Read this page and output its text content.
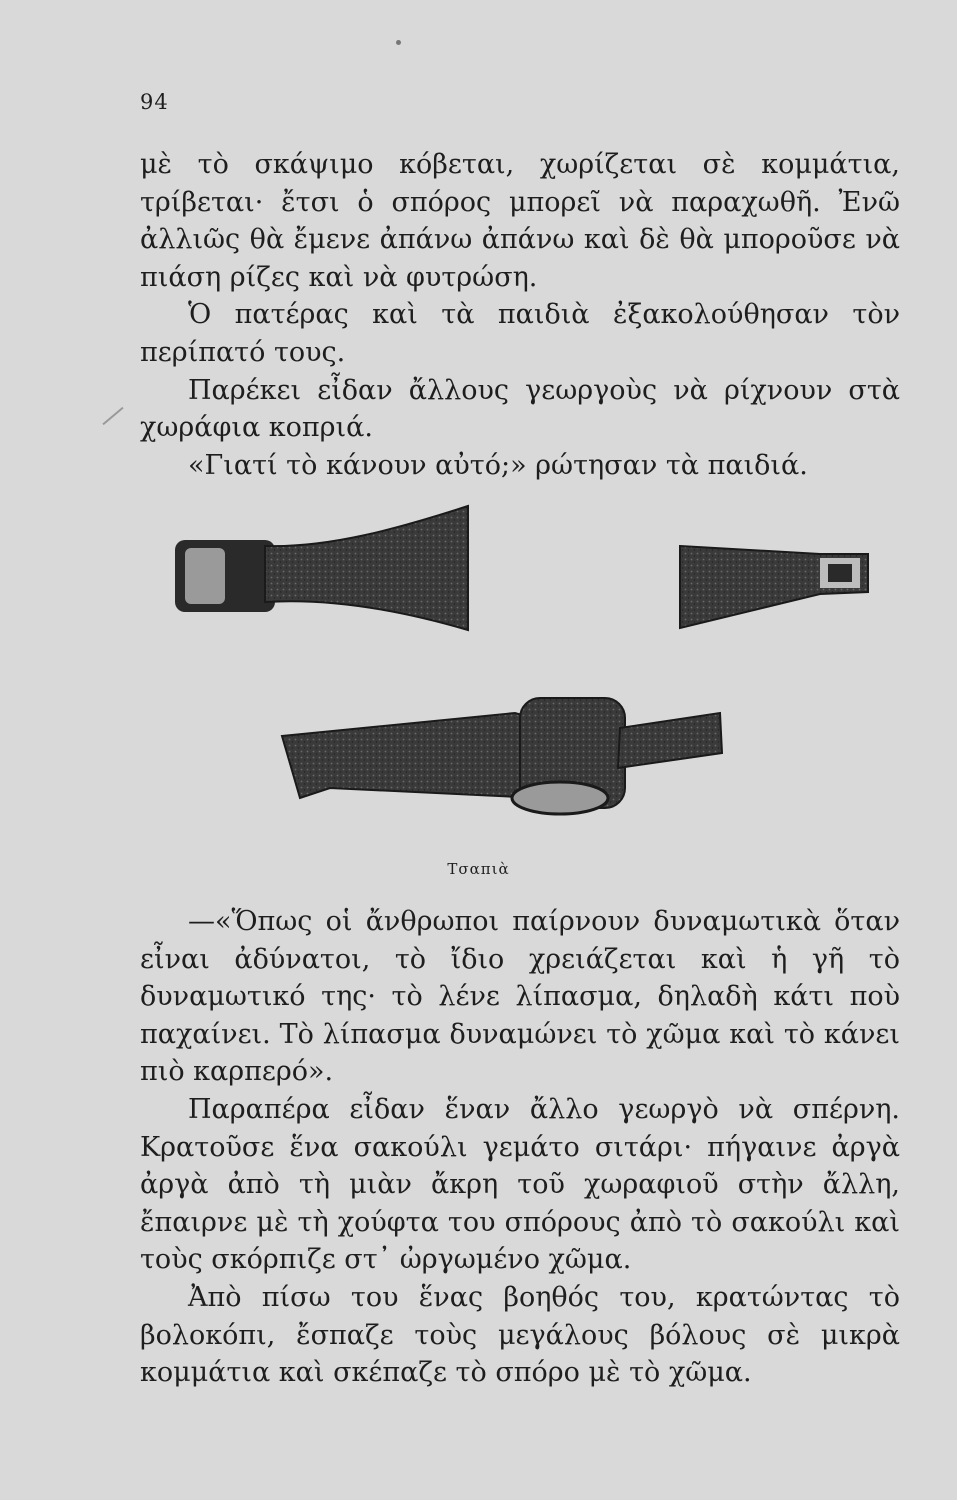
94

μὲ τὸ σκάψιμο κόβεται, χωρίζεται σὲ κομμάτια, τρίβεται· ἔτσι ὁ σπόρος μπορεῖ νὰ παραχωθῆ. Ἐνῶ ἀλλιῶς θὰ ἔμενε ἀπάνω ἀπάνω καὶ δὲ θὰ μποροῦσε νὰ πιάση ρίζες καὶ νὰ φυτρώση.

Ὁ πατέρας καὶ τὰ παιδιὰ ἐξακολούθησαν τὸν περίπατό τους.

Παρέκει εἶδαν ἄλλους γεωργοὺς νὰ ρίχνουν στὰ χωράφια κοπριά.

«Γιατί τὸ κάνουν αὐτό;» ρώτησαν τὰ παιδιά.

Τσαπιὰ

—«Ὅπως οἱ ἄνθρωποι παίρνουν δυναμωτικὰ ὅταν εἶναι ἀδύνατοι, τὸ ἴδιο χρειάζεται καὶ ἡ γῆ τὸ δυναμωτικό της· τὸ λένε λίπασμα, δηλαδὴ κάτι ποὺ παχαίνει. Τὸ λίπασμα δυναμώνει τὸ χῶμα καὶ τὸ κάνει πιὸ καρπερό».

Παραπέρα εἶδαν ἕναν ἄλλο γεωργὸ νὰ σπέρνη. Κρατοῦσε ἕνα σακούλι γεμάτο σιτάρι· πήγαινε ἀργὰ ἀργὰ ἀπὸ τὴ μιὰν ἄκρη τοῦ χωραφιοῦ στὴν ἄλλη, ἔπαιρνε μὲ τὴ χούφτα του σπόρους ἀπὸ τὸ σακούλι καὶ τοὺς σκόρπιζε στ᾽ ὠργωμένο χῶμα.

Ἀπὸ πίσω του ἕνας βοηθός του, κρατώντας τὸ βολοκόπι, ἔσπαζε τοὺς μεγάλους βόλους σὲ μικρὰ κομμάτια καὶ σκέπαζε τὸ σπόρο μὲ τὸ χῶμα.
